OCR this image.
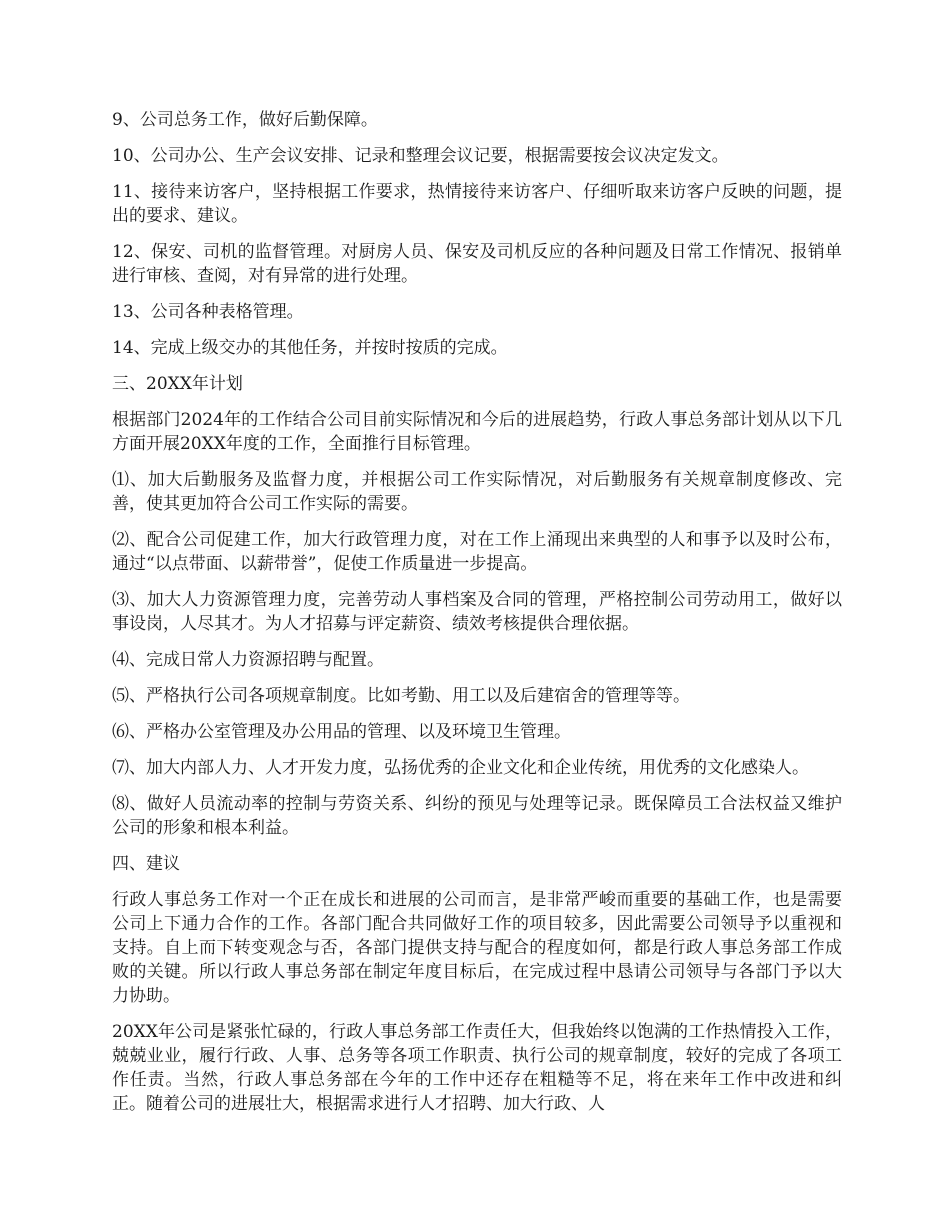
9、公司总务工作，做好后勤保障。

10、公司办公、生产会议安排、记录和整理会议记要，根据需要按会议决定发文。

11、接待来访客户，坚持根据工作要求，热情接待来访客户、仔细听取来访客户反映的问题，提出的要求、建议。

12、保安、司机的监督管理。对厨房人员、保安及司机反应的各种问题及日常工作情况、报销单进行审核、查阅，对有异常的进行处理。

13、公司各种表格管理。

14、完成上级交办的其他任务，并按时按质的完成。

三、20XX年计划

根据部门2024年的工作结合公司目前实际情况和今后的进展趋势，行政人事总务部计划从以下几方面开展20XX年度的工作，全面推行目标管理。

⑴、加大后勤服务及监督力度，并根据公司工作实际情况，对后勤服务有关规章制度修改、完善，使其更加符合公司工作实际的需要。

⑵、配合公司促建工作，加大行政管理力度，对在工作上涌现出来典型的人和事予以及时公布，通过“以点带面、以薪带誉”，促使工作质量进一步提高。

⑶、加大人力资源管理力度，完善劳动人事档案及合同的管理，严格控制公司劳动用工，做好以事设岗，人尽其才。为人才招募与评定薪资、绩效考核提供合理依据。

⑷、完成日常人力资源招聘与配置。

⑸、严格执行公司各项规章制度。比如考勤、用工以及后建宿舍的管理等等。

⑹、严格办公室管理及办公用品的管理、以及环境卫生管理。

⑺、加大内部人力、人才开发力度，弘扬优秀的企业文化和企业传统，用优秀的文化感染人。

⑻、做好人员流动率的控制与劳资关系、纠纷的预见与处理等记录。既保障员工合法权益又维护公司的形象和根本利益。

四、建议

行政人事总务工作对一个正在成长和进展的公司而言，是非常严峻而重要的基础工作，也是需要公司上下通力合作的工作。各部门配合共同做好工作的项目较多，因此需要公司领导予以重视和支持。自上而下转变观念与否，各部门提供支持与配合的程度如何，都是行政人事总务部工作成败的关键。所以行政人事总务部在制定年度目标后，在完成过程中恳请公司领导与各部门予以大力协助。

20XX年公司是紧张忙碌的，行政人事总务部工作责任大，但我始终以饱满的工作热情投入工作，兢兢业业，履行行政、人事、总务等各项工作职责、执行公司的规章制度，较好的完成了各项工作任责。当然，行政人事总务部在今年的工作中还存在粗糙等不足，将在来年工作中改进和纠正。随着公司的进展壮大，根据需求进行人才招聘、加大行政、人
